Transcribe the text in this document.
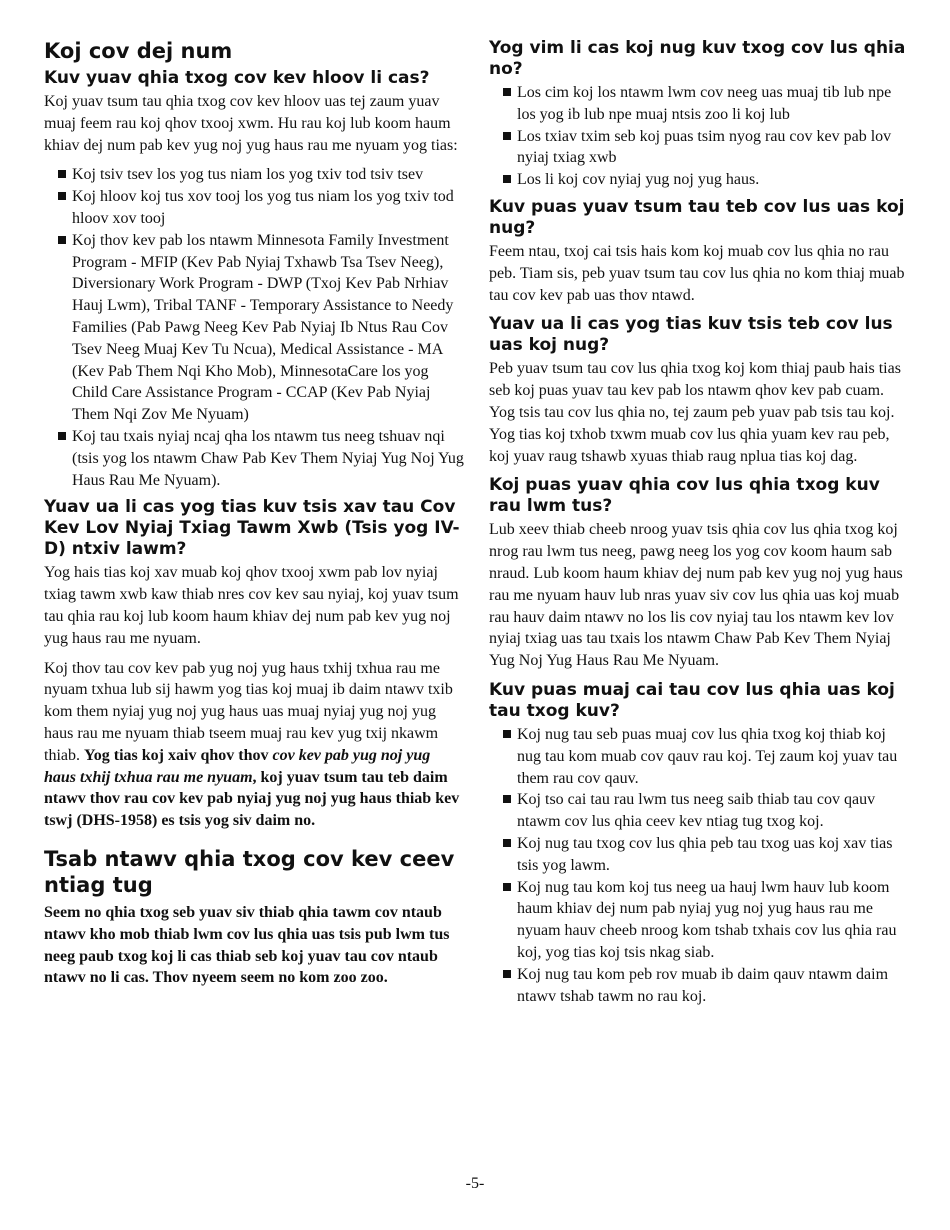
Koj cov dej num
Kuv yuav qhia txog cov kev hloov li cas?
Koj yuav tsum tau qhia txog cov kev hloov uas tej zaum yuav muaj feem rau koj qhov txooj xwm. Hu rau koj lub koom haum khiav dej num pab kev yug noj yug haus rau me nyuam yog tias:
Koj tsiv tsev los yog tus niam los yog txiv tod tsiv tsev
Koj hloov koj tus xov tooj los yog tus niam los yog txiv tod hloov xov tooj
Koj thov kev pab los ntawm Minnesota Family Investment Program - MFIP (Kev Pab Nyiaj Txhawb Tsa Tsev Neeg), Diversionary Work Program - DWP (Txoj Kev Pab Nrhiav Hauj Lwm), Tribal TANF - Temporary Assistance to Needy Families (Pab Pawg Neeg Kev Pab Nyiaj Ib Ntus Rau Cov Tsev Neeg Muaj Kev Tu Ncua), Medical Assistance - MA (Kev Pab Them Nqi Kho Mob), MinnesotaCare los yog Child Care Assistance Program - CCAP (Kev Pab Nyiaj Them Nqi Zov Me Nyuam)
Koj tau txais nyiaj ncaj qha los ntawm tus neeg tshuav nqi (tsis yog los ntawm Chaw Pab Kev Them Nyiaj Yug Noj Yug Haus Rau Me Nyuam).
Yuav ua li cas yog tias kuv tsis xav tau Cov Kev Lov Nyiaj Txiag Tawm Xwb (Tsis yog IV-D) ntxiv lawm?
Yog hais tias koj xav muab koj qhov txooj xwm pab lov nyiaj txiag tawm xwb kaw thiab nres cov kev sau nyiaj, koj yuav tsum tau qhia rau koj lub koom haum khiav dej num pab kev yug noj yug haus rau me nyuam.
Koj thov tau cov kev pab yug noj yug haus txhij txhua rau me nyuam txhua lub sij hawm yog tias koj muaj ib daim ntawv txib kom them nyiaj yug noj yug haus uas muaj nyiaj yug noj yug haus rau me nyuam thiab tseem muaj rau kev yug txij nkawm thiab. Yog tias koj xaiv qhov thov cov kev pab yug noj yug haus txhij txhua rau me nyuam, koj yuav tsum tau teb daim ntawv thov rau cov kev pab nyiaj yug noj yug haus thiab kev tswj (DHS-1958) es tsis yog siv daim no.
Tsab ntawv qhia txog cov kev ceev ntiag tug
Seem no qhia txog seb yuav siv thiab qhia tawm cov ntaub ntawv kho mob thiab lwm cov lus qhia uas tsis pub lwm tus neeg paub txog koj li cas thiab seb koj yuav tau cov ntaub ntawv no li cas. Thov nyeem seem no kom zoo zoo.
Yog vim li cas koj nug kuv txog cov lus qhia no?
Los cim koj los ntawm lwm cov neeg uas muaj tib lub npe los yog ib lub npe muaj ntsis zoo li koj lub
Los txiav txim seb koj puas tsim nyog rau cov kev pab lov nyiaj txiag xwb
Los li koj cov nyiaj yug noj yug haus.
Kuv puas yuav tsum tau teb cov lus uas koj nug?
Feem ntau, txoj cai tsis hais kom koj muab cov lus qhia no rau peb. Tiam sis, peb yuav tsum tau cov lus qhia no kom thiaj muab tau cov kev pab uas thov ntawd.
Yuav ua li cas yog tias kuv tsis teb cov lus uas koj nug?
Peb yuav tsum tau cov lus qhia txog koj kom thiaj paub hais tias seb koj puas yuav tau kev pab los ntawm qhov kev pab cuam. Yog tsis tau cov lus qhia no, tej zaum peb yuav pab tsis tau koj. Yog tias koj txhob txwm muab cov lus qhia yuam kev rau peb, koj yuav raug tshawb xyuas thiab raug nplua tias koj dag.
Koj puas yuav qhia cov lus qhia txog kuv rau lwm tus?
Lub xeev thiab cheeb nroog yuav tsis qhia cov lus qhia txog koj nrog rau lwm tus neeg, pawg neeg los yog cov koom haum sab nraud. Lub koom haum khiav dej num pab kev yug noj yug haus rau me nyuam hauv lub nras yuav siv cov lus qhia uas koj muab rau hauv daim ntawv no los lis cov nyiaj tau los ntawm kev lov nyiaj txiag uas tau txais los ntawm Chaw Pab Kev Them Nyiaj Yug Noj Yug Haus Rau Me Nyuam.
Kuv puas muaj cai tau cov lus qhia uas koj tau txog kuv?
Koj nug tau seb puas muaj cov lus qhia txog koj thiab koj nug tau kom muab cov qauv rau koj. Tej zaum koj yuav tau them rau cov qauv.
Koj tso cai tau rau lwm tus neeg saib thiab tau cov qauv ntawm cov lus qhia ceev kev ntiag tug txog koj.
Koj nug tau txog cov lus qhia peb tau txog uas koj xav tias tsis yog lawm.
Koj nug tau kom koj tus neeg ua hauj lwm hauv lub koom haum khiav dej num pab nyiaj yug noj yug haus rau me nyuam hauv cheeb nroog kom tshab txhais cov lus qhia rau koj, yog tias koj tsis nkag siab.
Koj nug tau kom peb rov muab ib daim qauv ntawm daim ntawv tshab tawm no rau koj.
-5-
